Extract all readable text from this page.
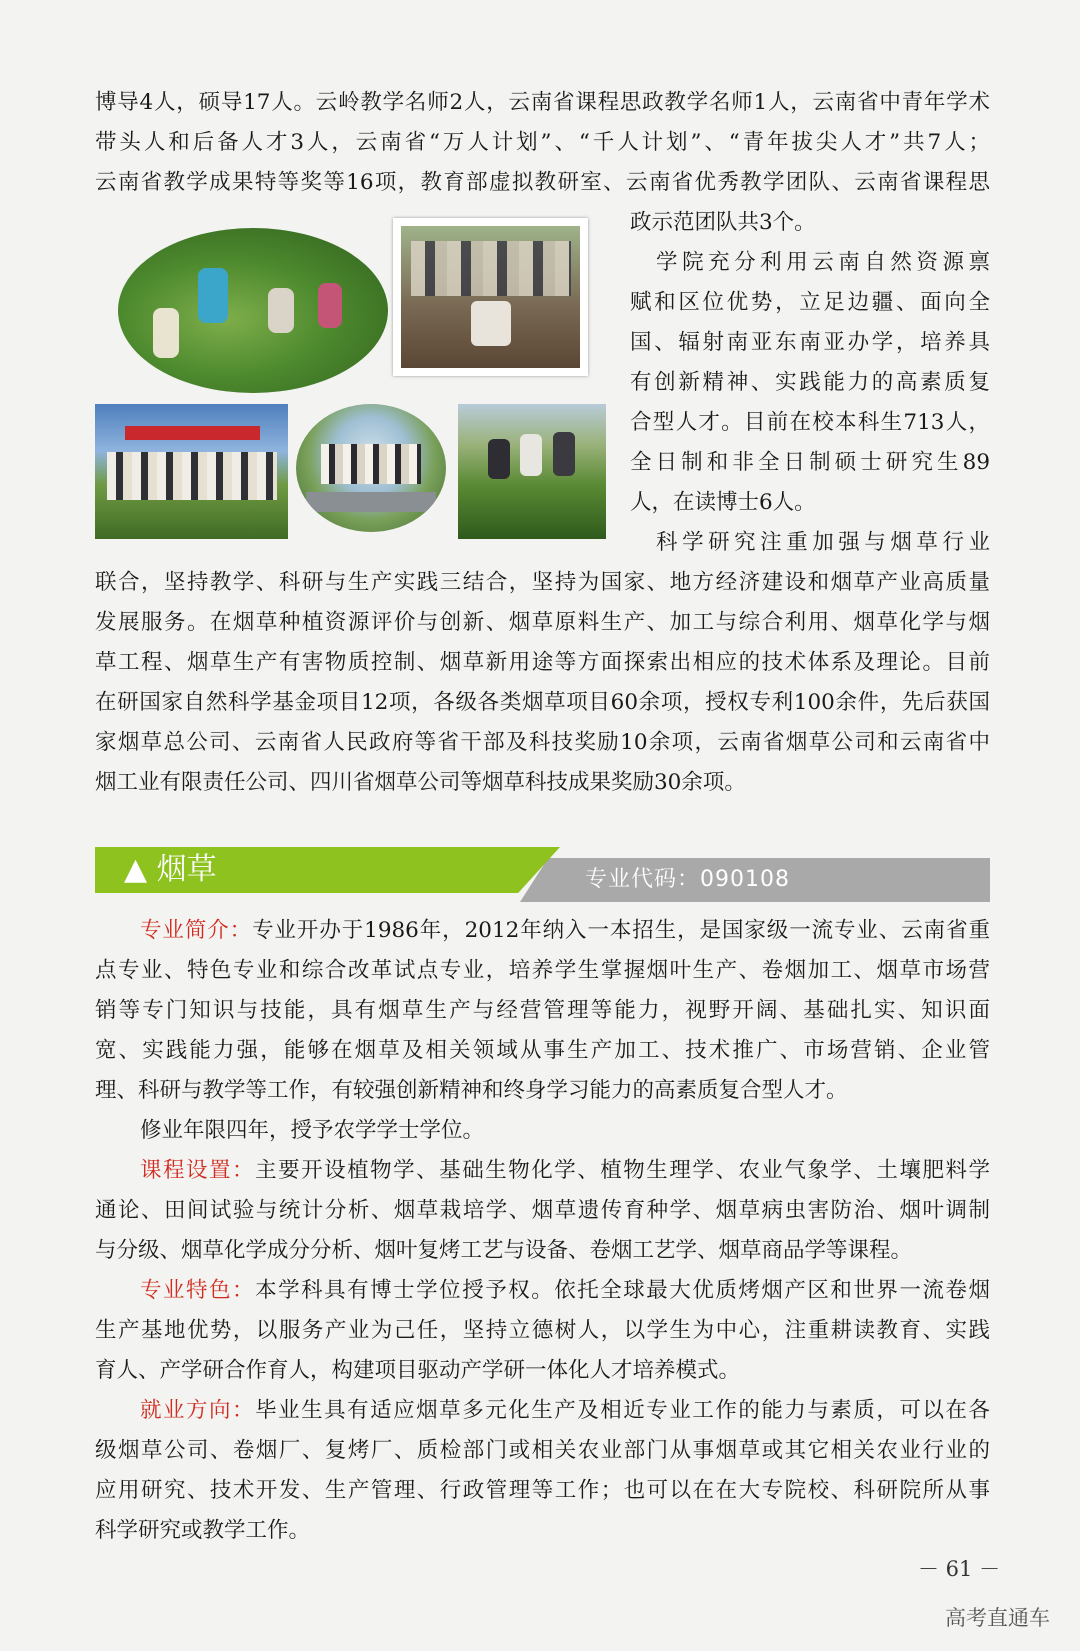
博导4人，硕导17人。云岭教学名师2人，云南省课程思政教学名师1人，云南省中青年学术
带头人和后备人才3人，云南省“万人计划”、“千人计划”、“青年拔尖人才”共7人；
云南省教学成果特等奖等16项，教育部虚拟教研室、云南省优秀教学团队、云南省课程思
政示范团队共3个。
　学院充分利用云南自然资源禀
赋和区位优势，立足边疆、面向全
国、辐射南亚东南亚办学，培养具
有创新精神、实践能力的高素质复
合型人才。目前在校本科生713人，
全日制和非全日制硕士研究生89
人，在读博士6人。
　科学研究注重加强与烟草行业
联合，坚持教学、科研与生产实践三结合，坚持为国家、地方经济建设和烟草产业高质量
发展服务。在烟草种植资源评价与创新、烟草原料生产、加工与综合利用、烟草化学与烟
草工程、烟草生产有害物质控制、烟草新用途等方面探索出相应的技术体系及理论。目前
在研国家自然科学基金项目12项，各级各类烟草项目60余项，授权专利100余件，先后获国
家烟草总公司、云南省人民政府等省干部及科技奖励10余项，云南省烟草公司和云南省中
烟工业有限责任公司、四川省烟草公司等烟草科技成果奖励30余项。
▲ 烟草	专业代码：090108
专业简介：专业开办于1986年，2012年纳入一本招生，是国家级一流专业、云南省重
点专业、特色专业和综合改革试点专业，培养学生掌握烟叶生产、卷烟加工、烟草市场营
销等专门知识与技能，具有烟草生产与经营管理等能力，视野开阔、基础扎实、知识面
宽、实践能力强，能够在烟草及相关领域从事生产加工、技术推广、市场营销、企业管
理、科研与教学等工作，有较强创新精神和终身学习能力的高素质复合型人才。
修业年限四年，授予农学学士学位。
课程设置：主要开设植物学、基础生物化学、植物生理学、农业气象学、土壤肥料学
通论、田间试验与统计分析、烟草栽培学、烟草遗传育种学、烟草病虫害防治、烟叶调制
与分级、烟草化学成分分析、烟叶复烤工艺与设备、卷烟工艺学、烟草商品学等课程。
专业特色：本学科具有博士学位授予权。依托全球最大优质烤烟产区和世界一流卷烟
生产基地优势，以服务产业为己任，坚持立德树人，以学生为中心，注重耕读教育、实践
育人、产学研合作育人，构建项目驱动产学研一体化人才培养模式。
就业方向：毕业生具有适应烟草多元化生产及相近专业工作的能力与素质，可以在各
级烟草公司、卷烟厂、复烤厂、质检部门或相关农业部门从事烟草或其它相关农业行业的
应用研究、技术开发、生产管理、行政管理等工作；也可以在在大专院校、科研院所从事
科学研究或教学工作。
－ 61 －
高考直通车
